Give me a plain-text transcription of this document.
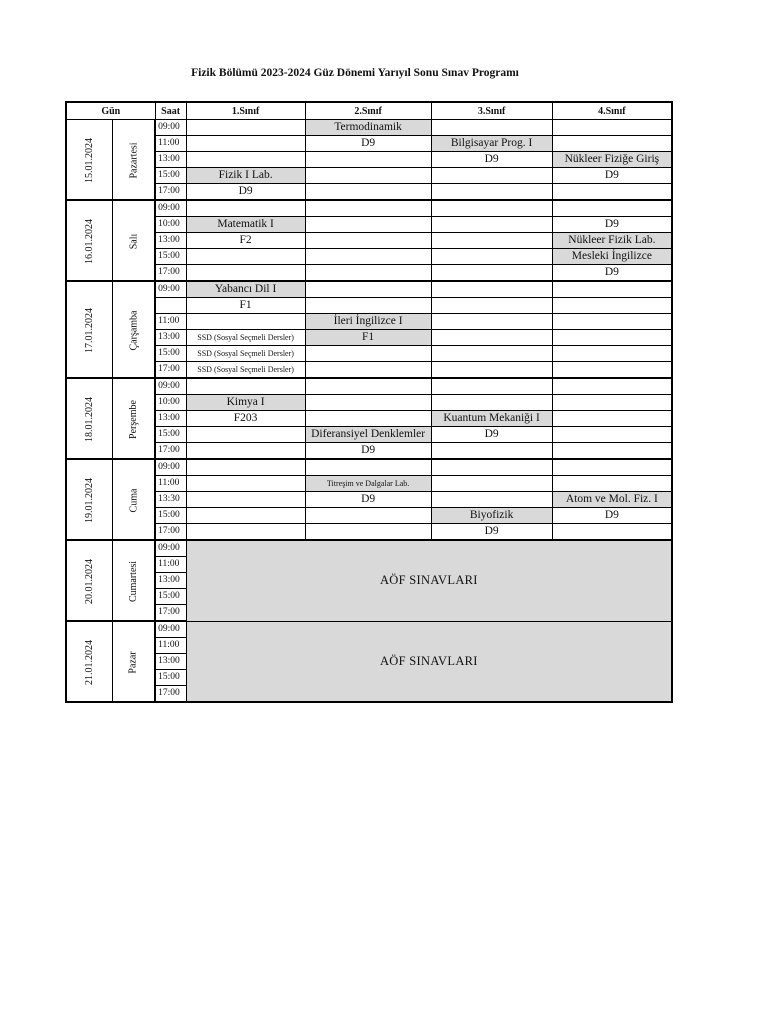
Fizik Bölümü 2023-2024 Güz Dönemi Yarıyıl Sonu Sınav Programı
Gün		Saat	1.Sınıf	2.Sınıf	3.Sınıf	4.Sınıf
15.01.2024	Pazartesi	09:00		Termodinamik		
		11:00		D9	Bilgisayar Prog. I	
		13:00			D9	Nükleer Fiziğe Giriş
		15:00	Fizik I Lab.			D9
		17:00	D9			
16.01.2024	Salı	09:00				
		10:00	Matematik I			D9
		13:00	F2			Nükleer Fizik Lab.
		15:00				Mesleki İngilizce
		17:00				D9
17.01.2024	Çarşamba	09:00	Yabancı Dil I			
			F1			
		11:00		İleri İngilizce I		
		13:00	SSD (Sosyal Seçmeli Dersler)	F1		
		15:00	SSD (Sosyal Seçmeli Dersler)			
		17:00	SSD (Sosyal Seçmeli Dersler)			
18.01.2024	Perşembe	09:00				
		10:00	Kimya I			
		13:00	F203		Kuantum Mekaniği I	
		15:00		Diferansiyel Denklemler	D9	
		17:00		D9		
19.01.2024	Cuma	09:00				
		11:00		Titreşim ve Dalgalar Lab.		
		13:30		D9		Atom ve Mol. Fiz. I
		15:00			Biyofizik	D9
		17:00			D9	
20.01.2024	Cumartesi	09:00	AÖF SINAVLARI			
		11:00				
		13:00				
		15:00				
		17:00				
21.01.2024	Pazar	09:00	AÖF SINAVLARI			
		11:00				
		13:00				
		15:00				
		17:00				
